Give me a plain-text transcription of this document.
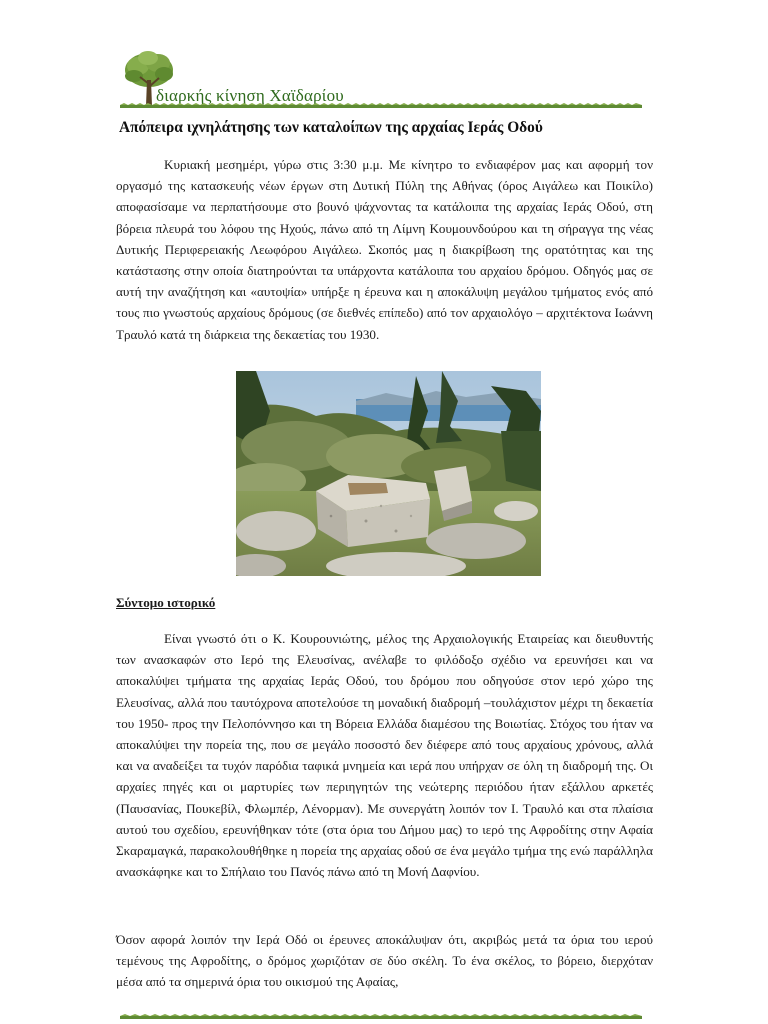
διαρκής κίνηση Χαϊδαρίου
Απόπειρα ιχνηλάτησης των καταλοίπων της αρχαίας Ιεράς Οδού

Κυριακή μεσημέρι, γύρω στις 3:30 μ.μ. Με κίνητρο το ενδιαφέρον μας και αφορμή τον οργασμό της κατασκευής νέων έργων στη Δυτική Πύλη της Αθήνας (όρος Αιγάλεω και Ποικίλο) αποφασίσαμε να περπατήσουμε στο βουνό ψάχνοντας τα κατάλοιπα της αρχαίας Ιεράς Οδού, στη βόρεια πλευρά του λόφου της Ηχούς, πάνω από τη Λίμνη Κουμουνδούρου και τη σήραγγα της νέας Δυτικής Περιφερειακής Λεωφόρου Αιγάλεω. Σκοπός μας η διακρίβωση της ορατότητας και της κατάστασης στην οποία διατηρούνται τα υπάρχοντα κατάλοιπα του αρχαίου δρόμου. Οδηγός μας σε αυτή την αναζήτηση και «αυτοψία» υπήρξε η έρευνα και η αποκάλυψη μεγάλου τμήματος ενός από τους πιο γνωστούς αρχαίους δρόμους (σε διεθνές επίπεδο) από τον αρχαιολόγο – αρχιτέκτονα Ιωάννη Τραυλό κατά τη διάρκεια της δεκαετίας του 1930.

Σύντομο ιστορικό

Είναι γνωστό ότι ο Κ. Κουρουνιώτης, μέλος της Αρχαιολογικής Εταιρείας και διευθυντής των ανασκαφών στο Ιερό της Ελευσίνας, ανέλαβε το φιλόδοξο σχέδιο να ερευνήσει και να αποκαλύψει τμήματα της αρχαίας Ιεράς Οδού, του δρόμου που οδηγούσε στον ιερό χώρο της Ελευσίνας, αλλά που ταυτόχρονα αποτελούσε τη μοναδική διαδρομή –τουλάχιστον μέχρι τη δεκαετία του 1950- προς την Πελοπόννησο και τη Βόρεια Ελλάδα διαμέσου της Βοιωτίας. Στόχος του ήταν να αποκαλύψει την πορεία της, που σε μεγάλο ποσοστό δεν διέφερε από τους αρχαίους χρόνους, αλλά και να αναδείξει τα τυχόν παρόδια ταφικά μνημεία και ιερά που υπήρχαν σε όλη τη διαδρομή της. Οι αρχαίες πηγές και οι μαρτυρίες των περιηγητών της νεώτερης περιόδου ήταν εξάλλου αρκετές (Παυσανίας, Πουκεβίλ, Φλωμπέρ, Λένορμαν). Με συνεργάτη λοιπόν τον Ι. Τραυλό και στα πλαίσια αυτού του σχεδίου, ερευνήθηκαν τότε (στα όρια του Δήμου μας) το ιερό της Αφροδίτης στην Αφαία Σκαραμαγκά, παρακολουθήθηκε η πορεία της αρχαίας οδού σε ένα μεγάλο τμήμα της ενώ παράλληλα ανασκάφηκε και το Σπήλαιο του Πανός πάνω από τη Μονή Δαφνίου.

Όσον αφορά λοιπόν την Ιερά Οδό οι έρευνες αποκάλυψαν ότι, ακριβώς μετά τα όρια του ιερού τεμένους της Αφροδίτης, ο δρόμος χωριζόταν σε δύο σκέλη. Το ένα σκέλος, το βόρειο, διερχόταν μέσα από τα σημερινά όρια του οικισμού της Αφαίας,
